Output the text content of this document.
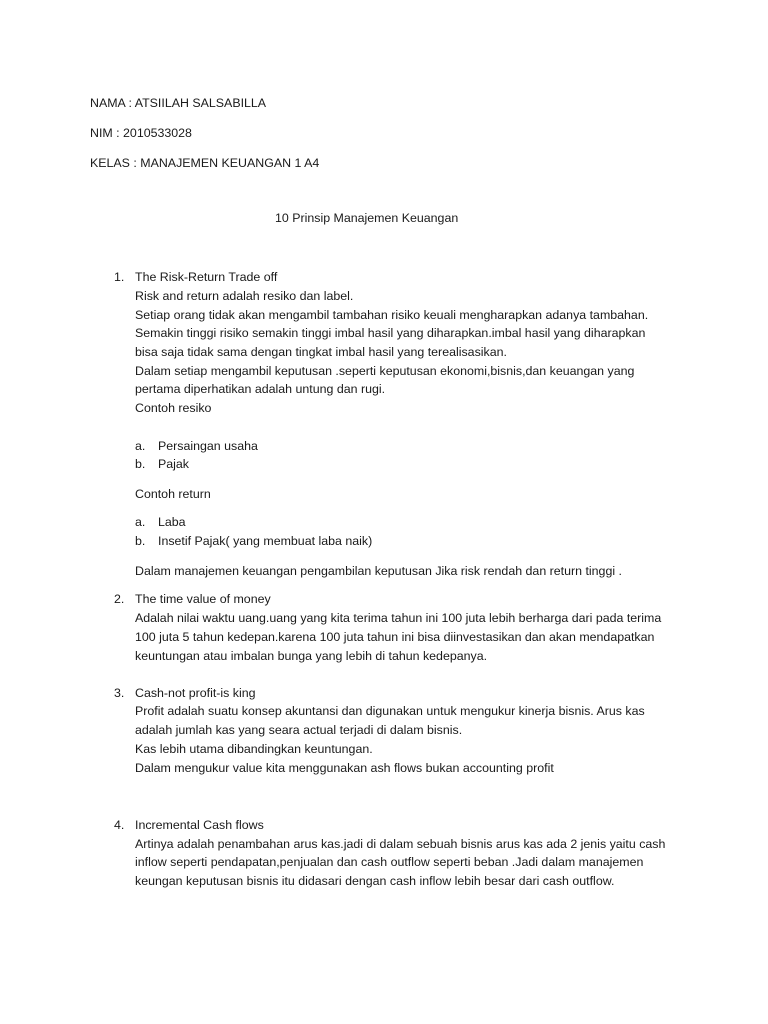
NAMA : ATSIILAH SALSABILLA
NIM : 2010533028
KELAS : MANAJEMEN KEUANGAN 1 A4
10 Prinsip Manajemen Keuangan
1. The Risk-Return Trade off
Risk and return adalah resiko dan label.
Setiap orang tidak akan mengambil tambahan risiko keuali mengharapkan adanya tambahan.
Semakin tinggi risiko semakin tinggi imbal hasil yang diharapkan.imbal hasil yang diharapkan
bisa saja tidak sama dengan tingkat imbal hasil yang terealisasikan.
Dalam setiap mengambil keputusan .seperti keputusan ekonomi,bisnis,dan keuangan yang
pertama diperhatikan adalah untung dan rugi.
Contoh resiko
a. Persaingan usaha
b. Pajak
Contoh return
a. Laba
b. Insetif Pajak( yang membuat laba naik)
Dalam manajemen keuangan pengambilan keputusan Jika risk rendah dan return tinggi .
2. The time value of money
Adalah nilai waktu uang.uang yang kita terima tahun ini 100 juta lebih berharga dari pada terima
100 juta 5 tahun kedepan.karena 100 juta tahun ini bisa diinvestasikan dan akan mendapatkan
keuntungan atau imbalan bunga yang lebih di tahun kedepanya.
3. Cash-not profit-is king
Profit adalah suatu konsep akuntansi dan digunakan untuk mengukur kinerja bisnis. Arus kas
adalah jumlah kas yang seara actual terjadi di dalam bisnis.
Kas lebih utama dibandingkan keuntungan.
Dalam mengukur value kita menggunakan ash flows bukan accounting profit
4. Incremental Cash flows
Artinya adalah penambahan arus kas.jadi di dalam sebuah bisnis arus kas ada 2 jenis yaitu cash
inflow seperti pendapatan,penjualan dan cash outflow seperti beban .Jadi dalam manajemen
keungan keputusan bisnis itu didasari dengan cash inflow lebih besar dari cash outflow.
